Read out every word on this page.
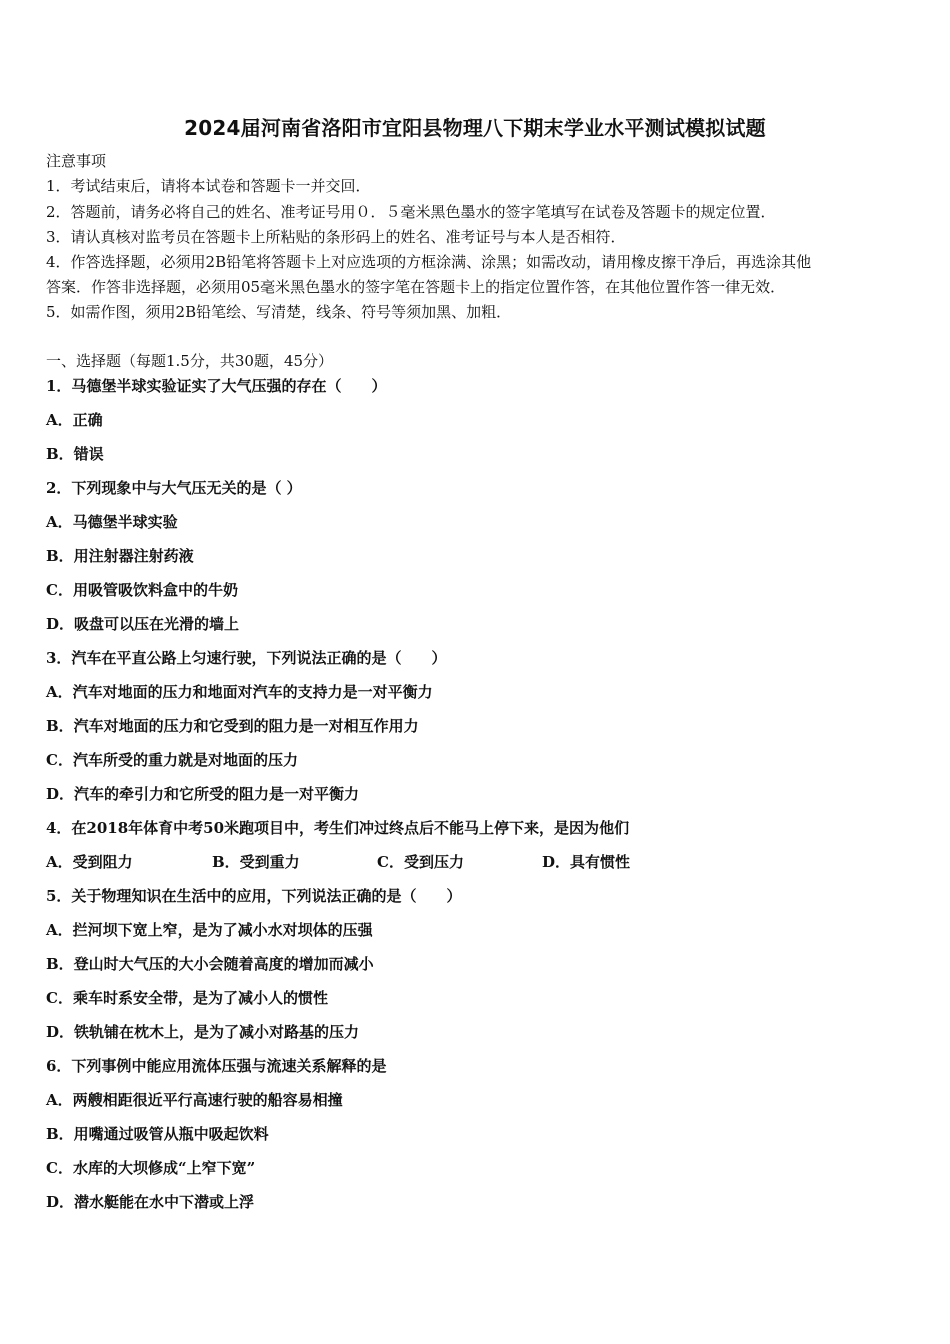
2024届河南省洛阳市宜阳县物理八下期末学业水平测试模拟试题
注意事项
1．考试结束后，请将本试卷和答题卡一并交回．
2．答题前，请务必将自己的姓名、准考证号用０．５毫米黑色墨水的签字笔填写在试卷及答题卡的规定位置．
3．请认真核对监考员在答题卡上所粘贴的条形码上的姓名、准考证号与本人是否相符．
4．作答选择题，必须用2B铅笔将答题卡上对应选项的方框涂满、涂黑；如需改动，请用橡皮擦干净后，再选涂其他
答案．作答非选择题，必须用05毫米黑色墨水的签字笔在答题卡上的指定位置作答，在其他位置作答一律无效．
5．如需作图，须用2B铅笔绘、写清楚，线条、符号等须加黑、加粗．
一、选择题（每题1.5分，共30题，45分）
1．马德堡半球实验证实了大气压强的存在（　　）
A．正确
B．错误
2．下列现象中与大气压无关的是（ ）
A．马德堡半球实验
B．用注射器注射药液
C．用吸管吸饮料盒中的牛奶
D．吸盘可以压在光滑的墙上
3．汽车在平直公路上匀速行驶，下列说法正确的是（　　）
A．汽车对地面的压力和地面对汽车的支持力是一对平衡力
B．汽车对地面的压力和它受到的阻力是一对相互作用力
C．汽车所受的重力就是对地面的压力
D．汽车的牵引力和它所受的阻力是一对平衡力
4．在2018年体育中考50米跑项目中，考生们冲过终点后不能马上停下来，是因为他们
A．受到阻力	B．受到重力	C．受到压力	D．具有惯性
5．关于物理知识在生活中的应用，下列说法正确的是（　　）
A．拦河坝下宽上窄，是为了减小水对坝体的压强
B．登山时大气压的大小会随着高度的增加而减小
C．乘车时系安全带，是为了减小人的惯性
D．铁轨铺在枕木上，是为了减小对路基的压力
6．下列事例中能应用流体压强与流速关系解释的是
A．两艘相距很近平行高速行驶的船容易相撞
B．用嘴通过吸管从瓶中吸起饮料
C．水库的大坝修成“上窄下宽”
D．潜水艇能在水中下潜或上浮
